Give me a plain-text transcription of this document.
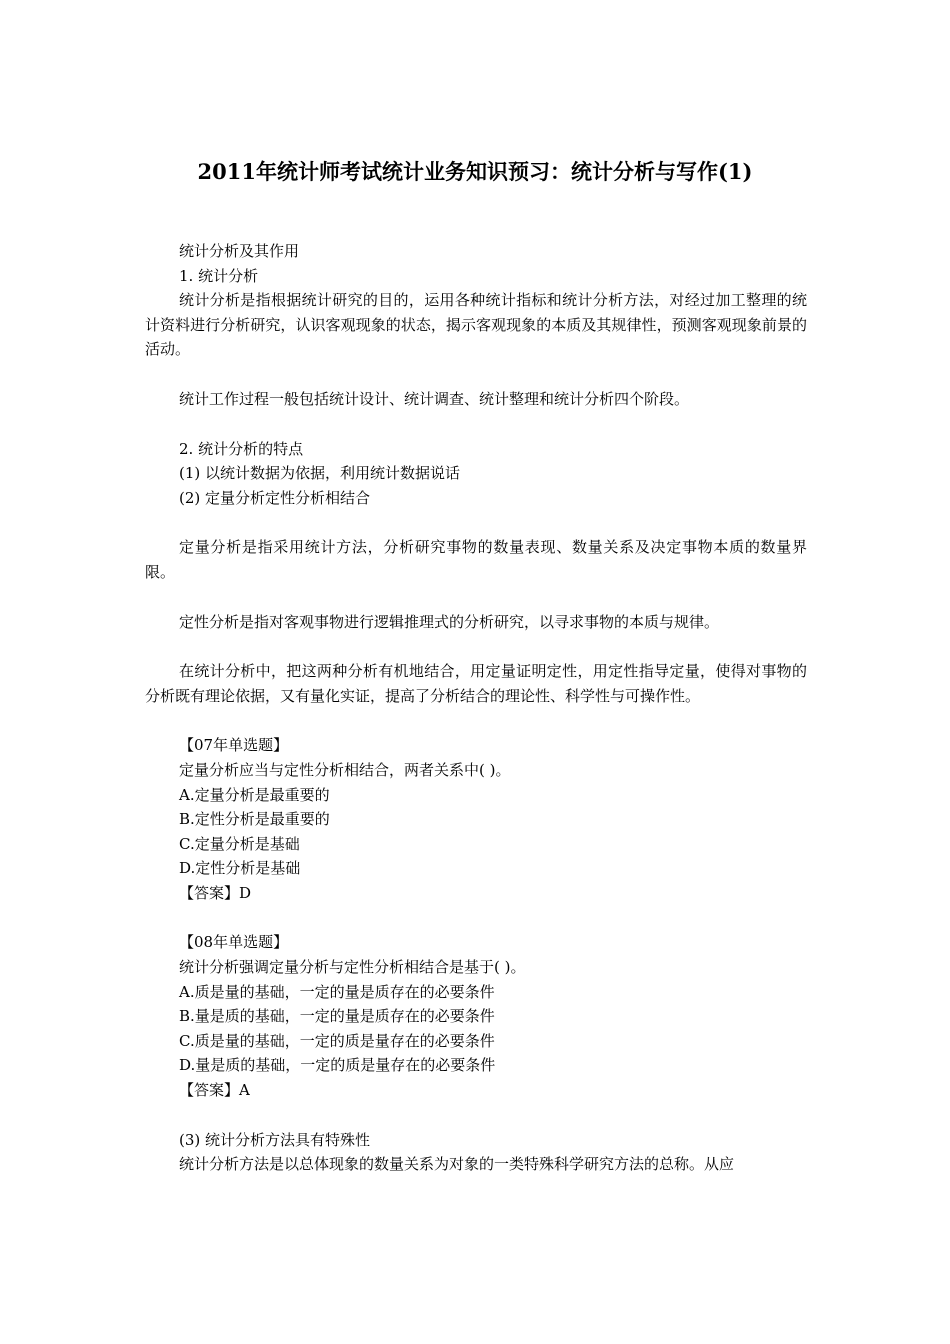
2011年统计师考试统计业务知识预习：统计分析与写作(1)

统计分析及其作用

1. 统计分析

统计分析是指根据统计研究的目的，运用各种统计指标和统计分析方法，对经过加工整理的统计资料进行分析研究，认识客观现象的状态，揭示客观现象的本质及其规律性，预测客观现象前景的活动。

统计工作过程一般包括统计设计、统计调查、统计整理和统计分析四个阶段。

2. 统计分析的特点

(1) 以统计数据为依据，利用统计数据说话

(2) 定量分析定性分析相结合

定量分析是指采用统计方法，分析研究事物的数量表现、数量关系及决定事物本质的数量界限。

定性分析是指对客观事物进行逻辑推理式的分析研究，以寻求事物的本质与规律。

在统计分析中，把这两种分析有机地结合，用定量证明定性，用定性指导定量，使得对事物的分析既有理论依据，又有量化实证，提高了分析结合的理论性、科学性与可操作性。

【07年单选题】

定量分析应当与定性分析相结合，两者关系中( )。

A.定量分析是最重要的

B.定性分析是最重要的

C.定量分析是基础

D.定性分析是基础

【答案】D

【08年单选题】

统计分析强调定量分析与定性分析相结合是基于( )。

A.质是量的基础，一定的量是质存在的必要条件

B.量是质的基础，一定的量是质存在的必要条件

C.质是量的基础，一定的质是量存在的必要条件

D.量是质的基础，一定的质是量存在的必要条件

【答案】A

(3) 统计分析方法具有特殊性

统计分析方法是以总体现象的数量关系为对象的一类特殊科学研究方法的总称。从应
